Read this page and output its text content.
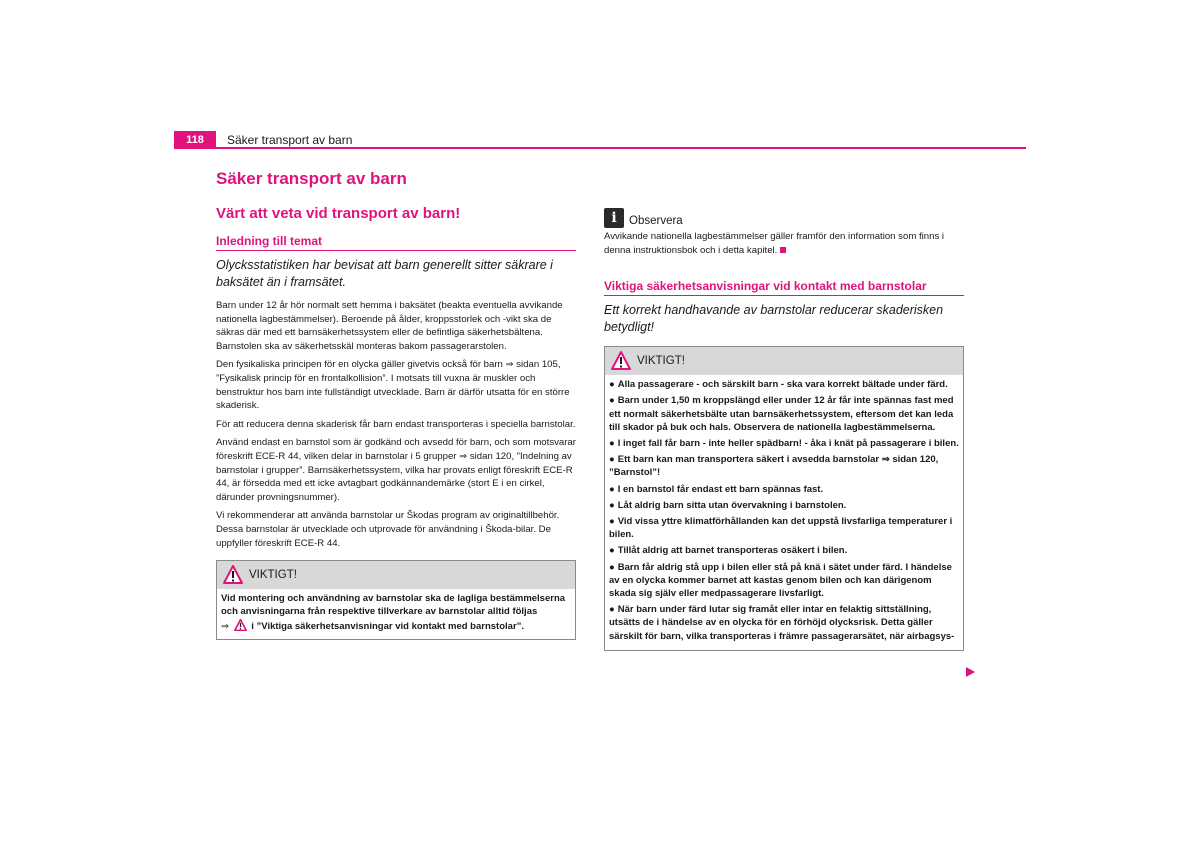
118	Säker transport av barn
Säker transport av barn
Värt att veta vid transport av barn!
Inledning till temat

Olycksstatistiken har bevisat att barn generellt sitter säkrare i baksätet än i framsätet.

Barn under 12 år hör normalt sett hemma i baksätet (beakta eventuella avvikande nationella lagbestämmelser). Beroende på ålder, kroppsstorlek och -vikt ska de säkras där med ett barnsäkerhetssystem eller de befintliga säkerhetsbältena. Barnstolen ska av säkerhetsskäl monteras bakom passagerarstolen.

Den fysikaliska principen för en olycka gäller givetvis också för barn ⇒ sidan 105, ”Fysikalisk princip för en frontalkollision”. I motsats till vuxna är muskler och benstruktur hos barn inte fullständigt utvecklade. Barn är därför utsatta för en större skaderisk.

För att reducera denna skaderisk får barn endast transporteras i speciella barnstolar.

Använd endast en barnstol som är godkänd och avsedd för barn, och som motsvarar föreskrift ECE-R 44, vilken delar in barnstolar i 5 grupper ⇒ sidan 120, ”Indelning av barnstolar i grupper”. Barnsäkerhetssystem, vilka har provats enligt föreskrift ECE-R 44, är försedda med ett icke avtagbart godkännandemärke (stort E i en cirkel, därunder provningsnummer).

Vi rekommenderar att använda barnstolar ur Škodas program av originaltillbehör. Dessa barnstolar är utvecklade och utprovade för användning i Škoda-bilar. De uppfyller föreskrift ECE-R 44.

VIKTIGT!
Vid montering och användning av barnstolar ska de lagliga bestämmelserna och anvisningarna från respektive tillverkare av barnstolar alltid följas
⇒ i ”Viktiga säkerhetsanvisningar vid kontakt med barnstolar”.
i	Observera

Avvikande nationella lagbestämmelser gäller framför den information som finns i denna instruktionsbok och i detta kapitel.

Viktiga säkerhetsanvisningar vid kontakt med barnstolar

Ett korrekt handhavande av barnstolar reducerar skaderisken betydligt!

VIKTIGT!

● Alla passagerare - och särskilt barn - ska vara korrekt bältade under färd.

● Barn under 1,50 m kroppslängd eller under 12 år får inte spännas fast med ett normalt säkerhetsbälte utan barnsäkerhetssystem, eftersom det kan leda till skador på buk och hals. Observera de nationella lagbestämmelserna.

● I inget fall får barn - inte heller spädbarn! - åka i knät på passagerare i bilen.

● Ett barn kan man transportera säkert i avsedda barnstolar ⇒ sidan 120, ”Barnstol”!

● I en barnstol får endast ett barn spännas fast.

● Låt aldrig barn sitta utan övervakning i barnstolen.

● Vid vissa yttre klimatförhållanden kan det uppstå livsfarliga temperaturer i bilen.

● Tillåt aldrig att barnet transporteras osäkert i bilen.

● Barn får aldrig stå upp i bilen eller stå på knä i sätet under färd. I händelse av en olycka kommer barnet att kastas genom bilen och kan därigenom skada sig själv eller medpassagerare livsfarligt.

● När barn under färd lutar sig framåt eller intar en felaktig sittställning, utsätts de i händelse av en olycka för en förhöjd olycksrisk. Detta gäller särskilt för barn, vilka transporteras i främre passagerarsätet, när airbagsys-
